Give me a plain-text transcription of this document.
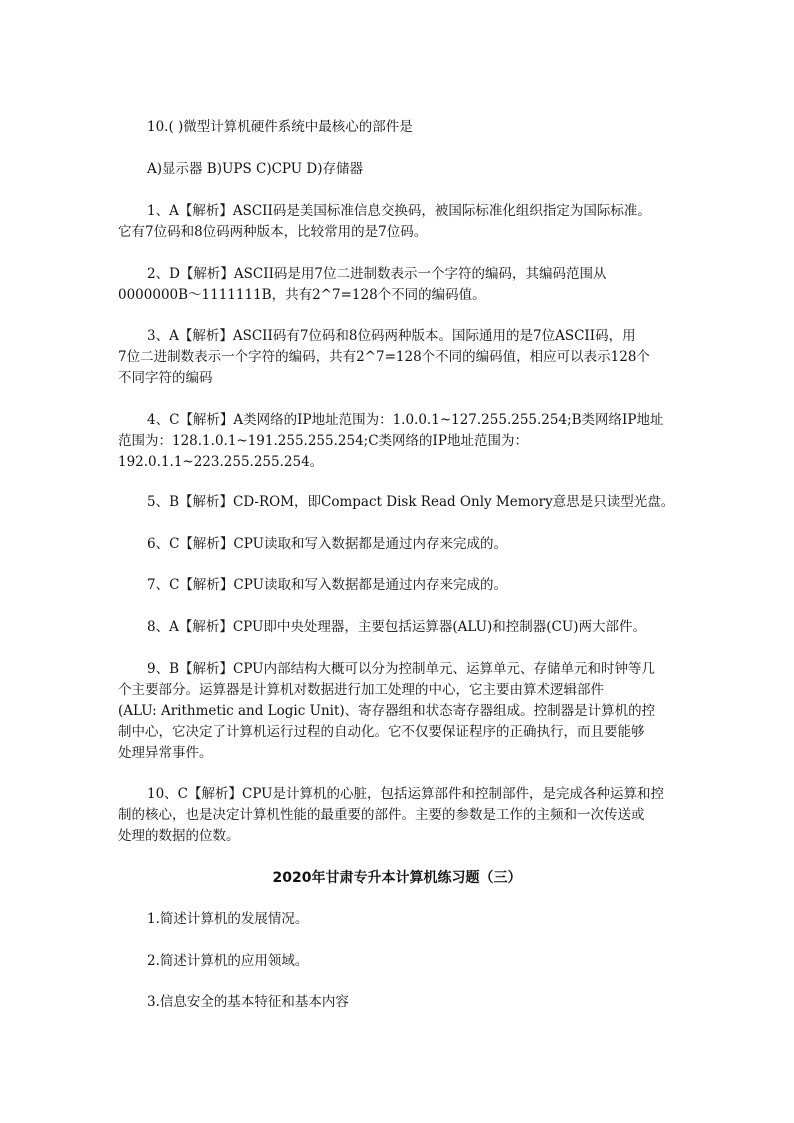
10.( )微型计算机硬件系统中最核心的部件是

A)显示器 B)UPS C)CPU D)存储器

1、A【解析】ASCII码是美国标准信息交换码，被国际标准化组织指定为国际标准。
它有7位码和8位码两种版本，比较常用的是7位码。

2、D【解析】ASCII码是用7位二进制数表示一个字符的编码，其编码范围从
0000000B～1111111B，共有2^7=128个不同的编码值。

3、A【解析】ASCII码有7位码和8位码两种版本。国际通用的是7位ASCII码，用
7位二进制数表示一个字符的编码，共有2^7=128个不同的编码值，相应可以表示128个
不同字符的编码

4、C【解析】A类网络的IP地址范围为：1.0.0.1~127.255.255.254;B类网络IP地址
范围为：128.1.0.1~191.255.255.254;C类网络的IP地址范围为：
192.0.1.1~223.255.255.254。

5、B【解析】CD-ROM，即Compact Disk Read Only Memory意思是只读型光盘。

6、C【解析】CPU读取和写入数据都是通过内存来完成的。

7、C【解析】CPU读取和写入数据都是通过内存来完成的。

8、A【解析】CPU即中央处理器，主要包括运算器(ALU)和控制器(CU)两大部件。

9、B【解析】CPU内部结构大概可以分为控制单元、运算单元、存储单元和时钟等几
个主要部分。运算器是计算机对数据进行加工处理的中心，它主要由算术逻辑部件
(ALU: Arithmetic and Logic Unit)、寄存器组和状态寄存器组成。控制器是计算机的控
制中心，它决定了计算机运行过程的自动化。它不仅要保证程序的正确执行，而且要能够
处理异常事件。

10、C【解析】CPU是计算机的心脏，包括运算部件和控制部件，是完成各种运算和控
制的核心，也是决定计算机性能的最重要的部件。主要的参数是工作的主频和一次传送或
处理的数据的位数。

2020年甘肃专升本计算机练习题（三）

1.简述计算机的发展情况。

2.简述计算机的应用领域。

3.信息安全的基本特征和基本内容
